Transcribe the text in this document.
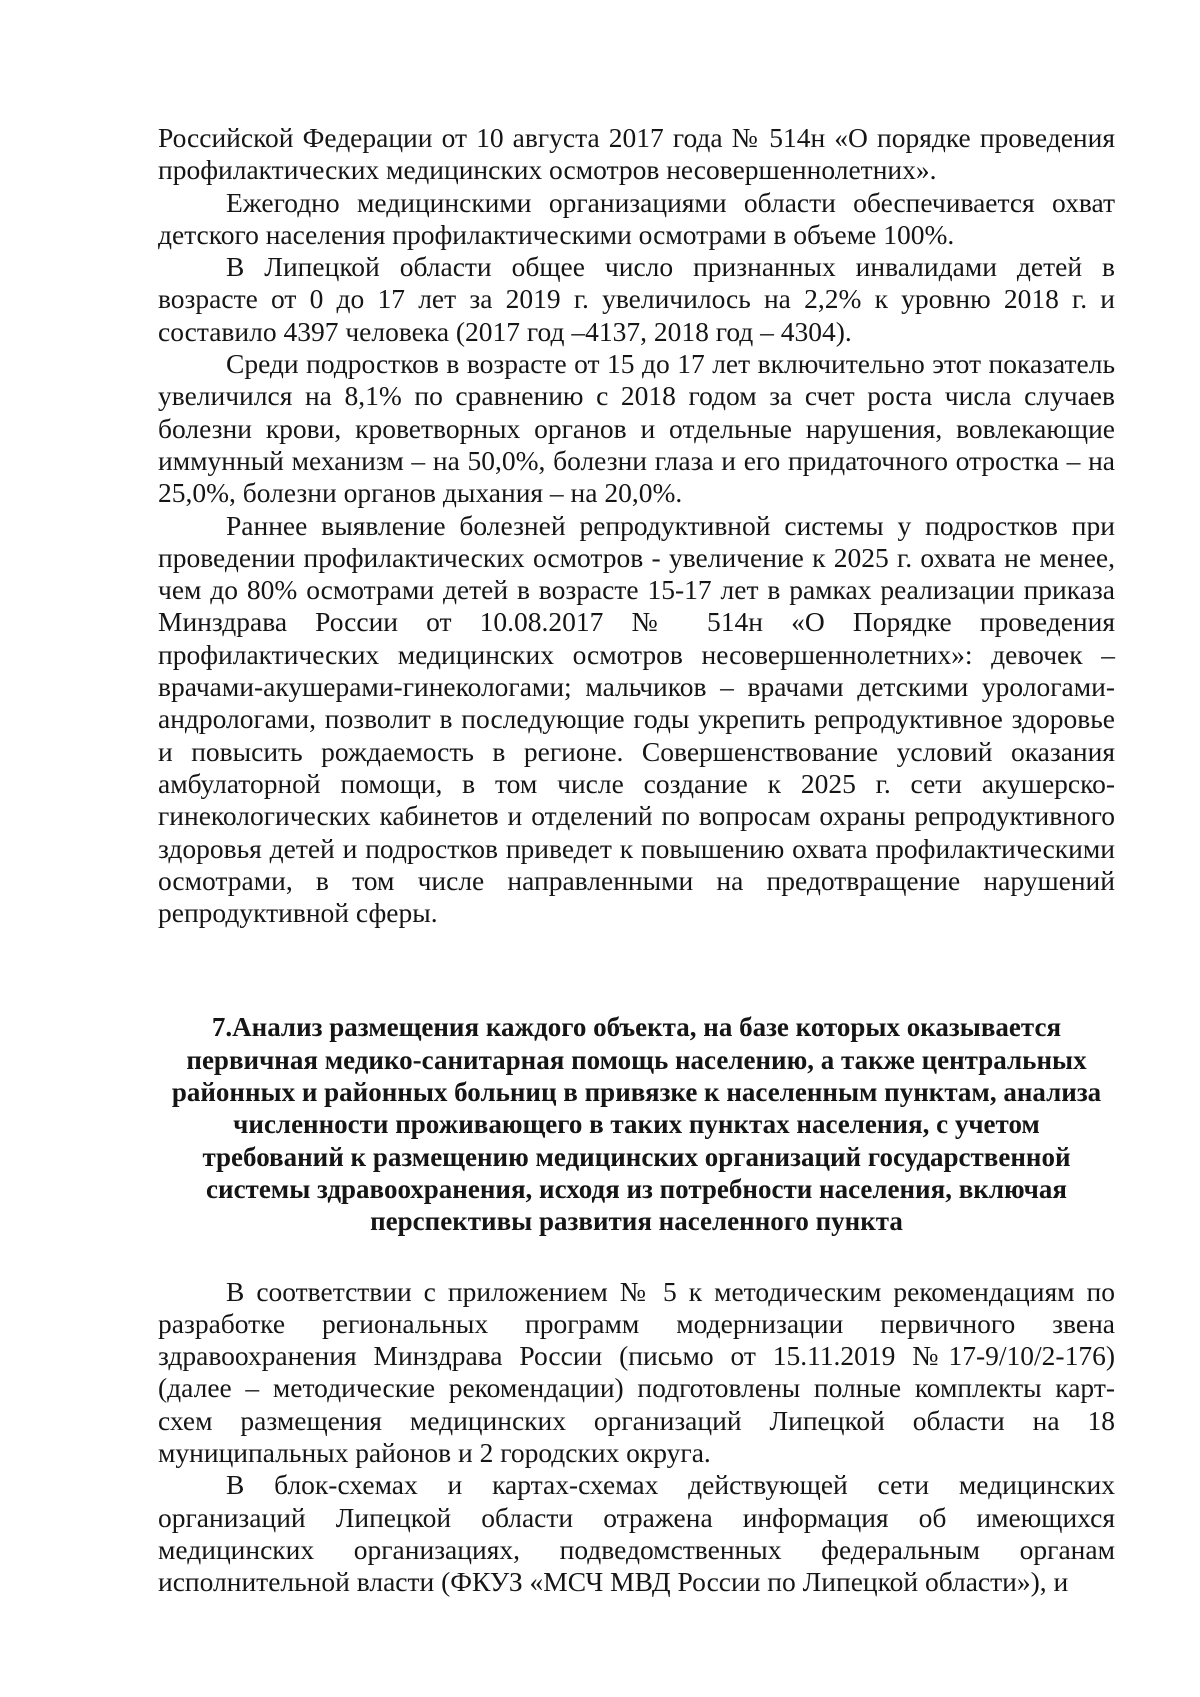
Российской Федерации от 10 августа 2017 года № 514н «О порядке проведения профилактических медицинских осмотров несовершеннолетних».

Ежегодно медицинскими организациями области обеспечивается охват детского населения профилактическими осмотрами в объеме 100%.

В Липецкой области общее число признанных инвалидами детей в возрасте от 0 до 17 лет за 2019 г. увеличилось на 2,2% к уровню 2018 г. и составило 4397 человека (2017 год –4137, 2018 год – 4304).

Среди подростков в возрасте от 15 до 17 лет включительно этот показатель увеличился на 8,1% по сравнению с 2018 годом за счет роста числа случаев болезни крови, кроветворных органов и отдельные нарушения, вовлекающие иммунный механизм – на 50,0%, болезни глаза и его придаточного отростка – на 25,0%, болезни органов дыхания – на 20,0%.

Раннее выявление болезней репродуктивной системы у подростков при проведении профилактических осмотров - увеличение к 2025 г. охвата не менее, чем до 80% осмотрами детей в возрасте 15-17 лет в рамках реализации приказа Минздрава России от 10.08.2017 № 514н «О Порядке проведения профилактических медицинских осмотров несовершеннолетних»: девочек – врачами-акушерами-гинекологами; мальчиков – врачами детскими урологами-андрологами, позволит в последующие годы укрепить репродуктивное здоровье и повысить рождаемость в регионе. Совершенствование условий оказания амбулаторной помощи, в том числе создание к 2025 г. сети акушерско-гинекологических кабинетов и отделений по вопросам охраны репродуктивного здоровья детей и подростков приведет к повышению охвата профилактическими осмотрами, в том числе направленными на предотвращение нарушений репродуктивной сферы.

7.Анализ размещения каждого объекта, на базе которых оказывается первичная медико-санитарная помощь населению, а также центральных районных и районных больниц в привязке к населенным пунктам, анализа численности проживающего в таких пунктах населения, с учетом требований к размещению медицинских организаций государственной системы здравоохранения, исходя из потребности населения, включая перспективы развития населенного пункта

В соответствии с приложением № 5 к методическим рекомендациям по разработке региональных программ модернизации первичного звена здравоохранения Минздрава России (письмо от 15.11.2019 №17-9/10/2-176) (далее – методические рекомендации) подготовлены полные комплекты карт-схем размещения медицинских организаций Липецкой области на 18 муниципальных районов и 2 городских округа.

В блок-схемах и картах-схемах действующей сети медицинских организаций Липецкой области отражена информация об имеющихся медицинских организациях, подведомственных федеральным органам исполнительной власти (ФКУЗ «МСЧ МВД России по Липецкой области»), и
